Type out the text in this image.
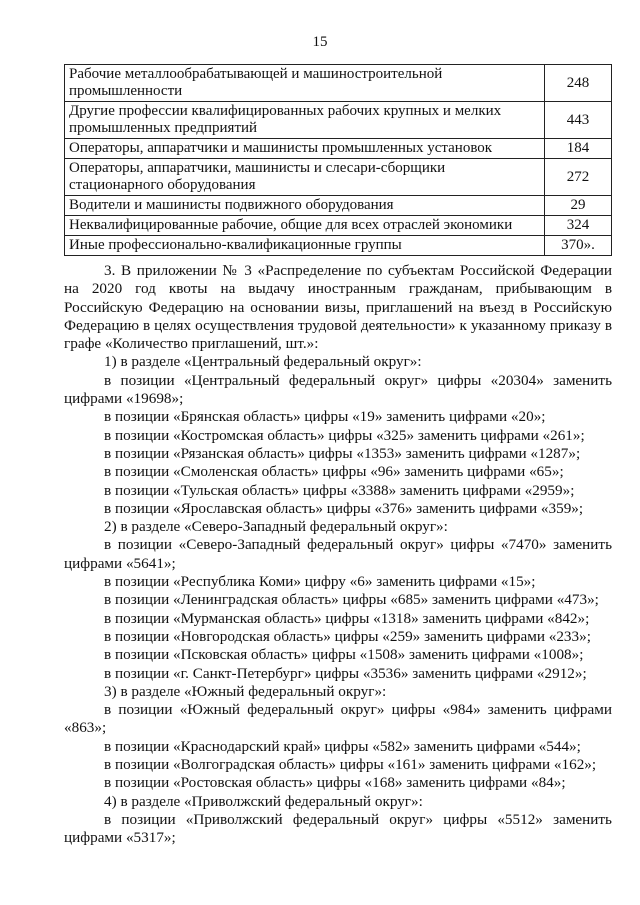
15
Рабочие металлообрабатывающей и машиностроительной промышленности	248
Другие профессии квалифицированных рабочих крупных и мелких промышленных предприятий	443
Операторы, аппаратчики и машинисты промышленных установок	184
Операторы, аппаратчики, машинисты и слесари-сборщики стационарного оборудования	272
Водители и машинисты подвижного оборудования	29
Неквалифицированные рабочие, общие для всех отраслей экономики	324
Иные профессионально-квалификационные группы	370».

3. В приложении № 3 «Распределение по субъектам Российской Федерации на 2020 год квоты на выдачу иностранным гражданам, прибывающим в Российскую Федерацию на основании визы, приглашений на въезд в Российскую Федерацию в целях осуществления трудовой деятельности» к указанному приказу в графе «Количество приглашений, шт.»:

1) в разделе «Центральный федеральный округ»:

в позиции «Центральный федеральный округ» цифры «20304» заменить цифрами «19698»;

в позиции «Брянская область» цифры «19» заменить цифрами «20»;

в позиции «Костромская область» цифры «325» заменить цифрами «261»;

в позиции «Рязанская область» цифры «1353» заменить цифрами «1287»;

в позиции «Смоленская область» цифры «96» заменить цифрами «65»;

в позиции «Тульская область» цифры «3388» заменить цифрами «2959»;

в позиции «Ярославская область» цифры «376» заменить цифрами «359»;

2) в разделе «Северо-Западный федеральный округ»:

в позиции «Северо-Западный федеральный округ» цифры «7470» заменить цифрами «5641»;

в позиции «Республика Коми» цифру «6» заменить цифрами «15»;

в позиции «Ленинградская область» цифры «685» заменить цифрами «473»;

в позиции «Мурманская область» цифры «1318» заменить цифрами «842»;

в позиции «Новгородская область» цифры «259» заменить цифрами «233»;

в позиции «Псковская область» цифры «1508» заменить цифрами «1008»;

в позиции «г. Санкт-Петербург» цифры «3536» заменить цифрами «2912»;

3) в разделе «Южный федеральный округ»:

в позиции «Южный федеральный округ» цифры «984» заменить цифрами «863»;

в позиции «Краснодарский край» цифры «582» заменить цифрами «544»;

в позиции «Волгоградская область» цифры «161» заменить цифрами «162»;

в позиции «Ростовская область» цифры «168» заменить цифрами «84»;

4) в разделе «Приволжский федеральный округ»:

в позиции «Приволжский федеральный округ» цифры «5512» заменить цифрами «5317»;
